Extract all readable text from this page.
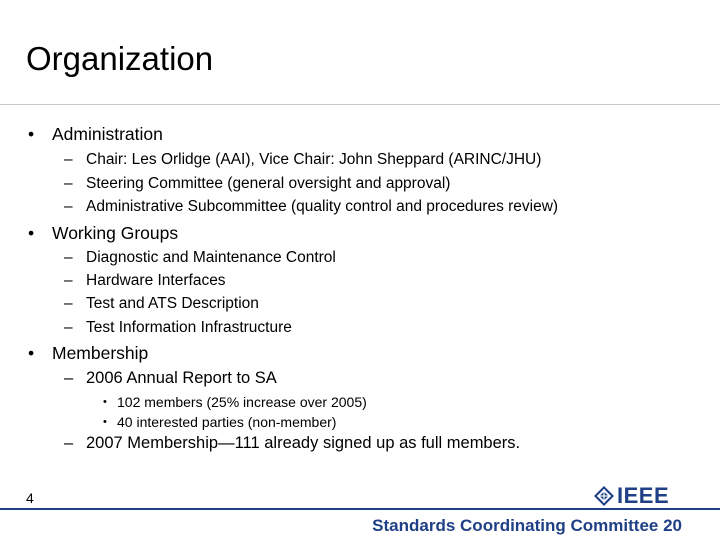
Organization
• Administration
– Chair: Les Orlidge (AAI), Vice Chair: John Sheppard (ARINC/JHU)
– Steering Committee (general oversight and approval)
– Administrative Subcommittee (quality control and procedures review)
• Working Groups
– Diagnostic and Maintenance Control
– Hardware Interfaces
– Test and ATS Description
– Test Information Infrastructure
• Membership
– 2006 Annual Report to SA
• 102 members (25% increase over 2005)
• 40 interested parties (non-member)
– 2007 Membership—111 already signed up as full members.
4	IEEE
Standards Coordinating Committee 20
